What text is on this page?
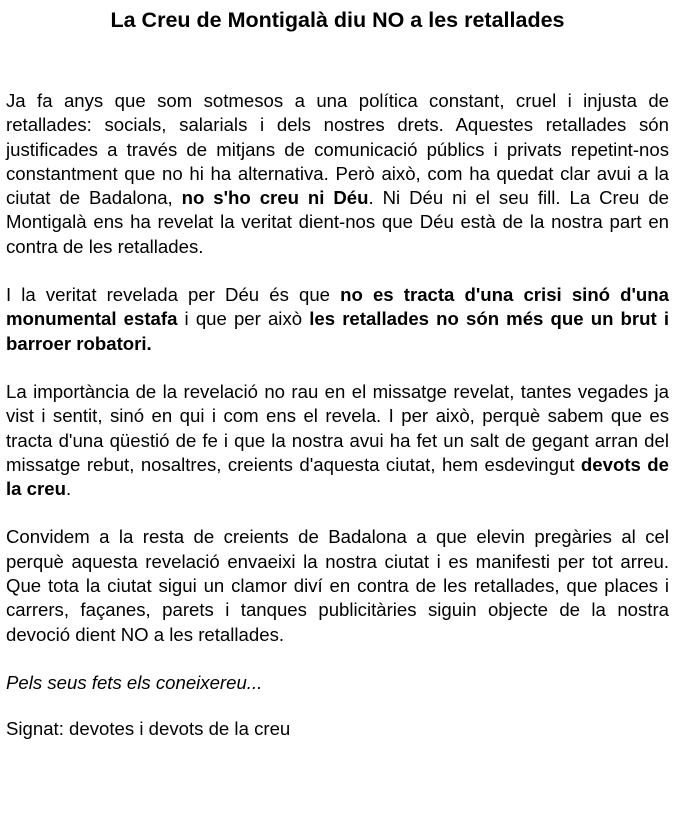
La Creu de Montigalà diu NO a les retallades

Ja fa anys que som sotmesos a una política constant, cruel i injusta de retallades: socials, salarials i dels nostres drets. Aquestes retallades són justificades a través de mitjans de comunicació públics i privats repetint-nos constantment que no hi ha alternativa. Però això, com ha quedat clar avui a la ciutat de Badalona, no s'ho creu ni Déu. Ni Déu ni el seu fill. La Creu de Montigalà ens ha revelat la veritat dient-nos que Déu està de la nostra part en contra de les retallades.

I la veritat revelada per Déu és que no es tracta d'una crisi sinó d'una monumental estafa i que per això les retallades no són més que un brut i barroer robatori.

La importància de la revelació no rau en el missatge revelat, tantes vegades ja vist i sentit, sinó en qui i com ens el revela. I per això, perquè sabem que es tracta d'una qüestió de fe i que la nostra avui ha fet un salt de gegant arran del missatge rebut, nosaltres, creients d'aquesta ciutat, hem esdevingut devots de la creu.

Convidem a la resta de creients de Badalona a que elevin pregàries al cel perquè aquesta revelació envaeixi la nostra ciutat i es manifesti per tot arreu. Que tota la ciutat sigui un clamor diví en contra de les retallades, que places i carrers, façanes, parets i tanques publicitàries siguin objecte de la nostra devoció dient NO a les retallades.

Pels seus fets els coneixereu...

Signat: devotes i devots de la creu
